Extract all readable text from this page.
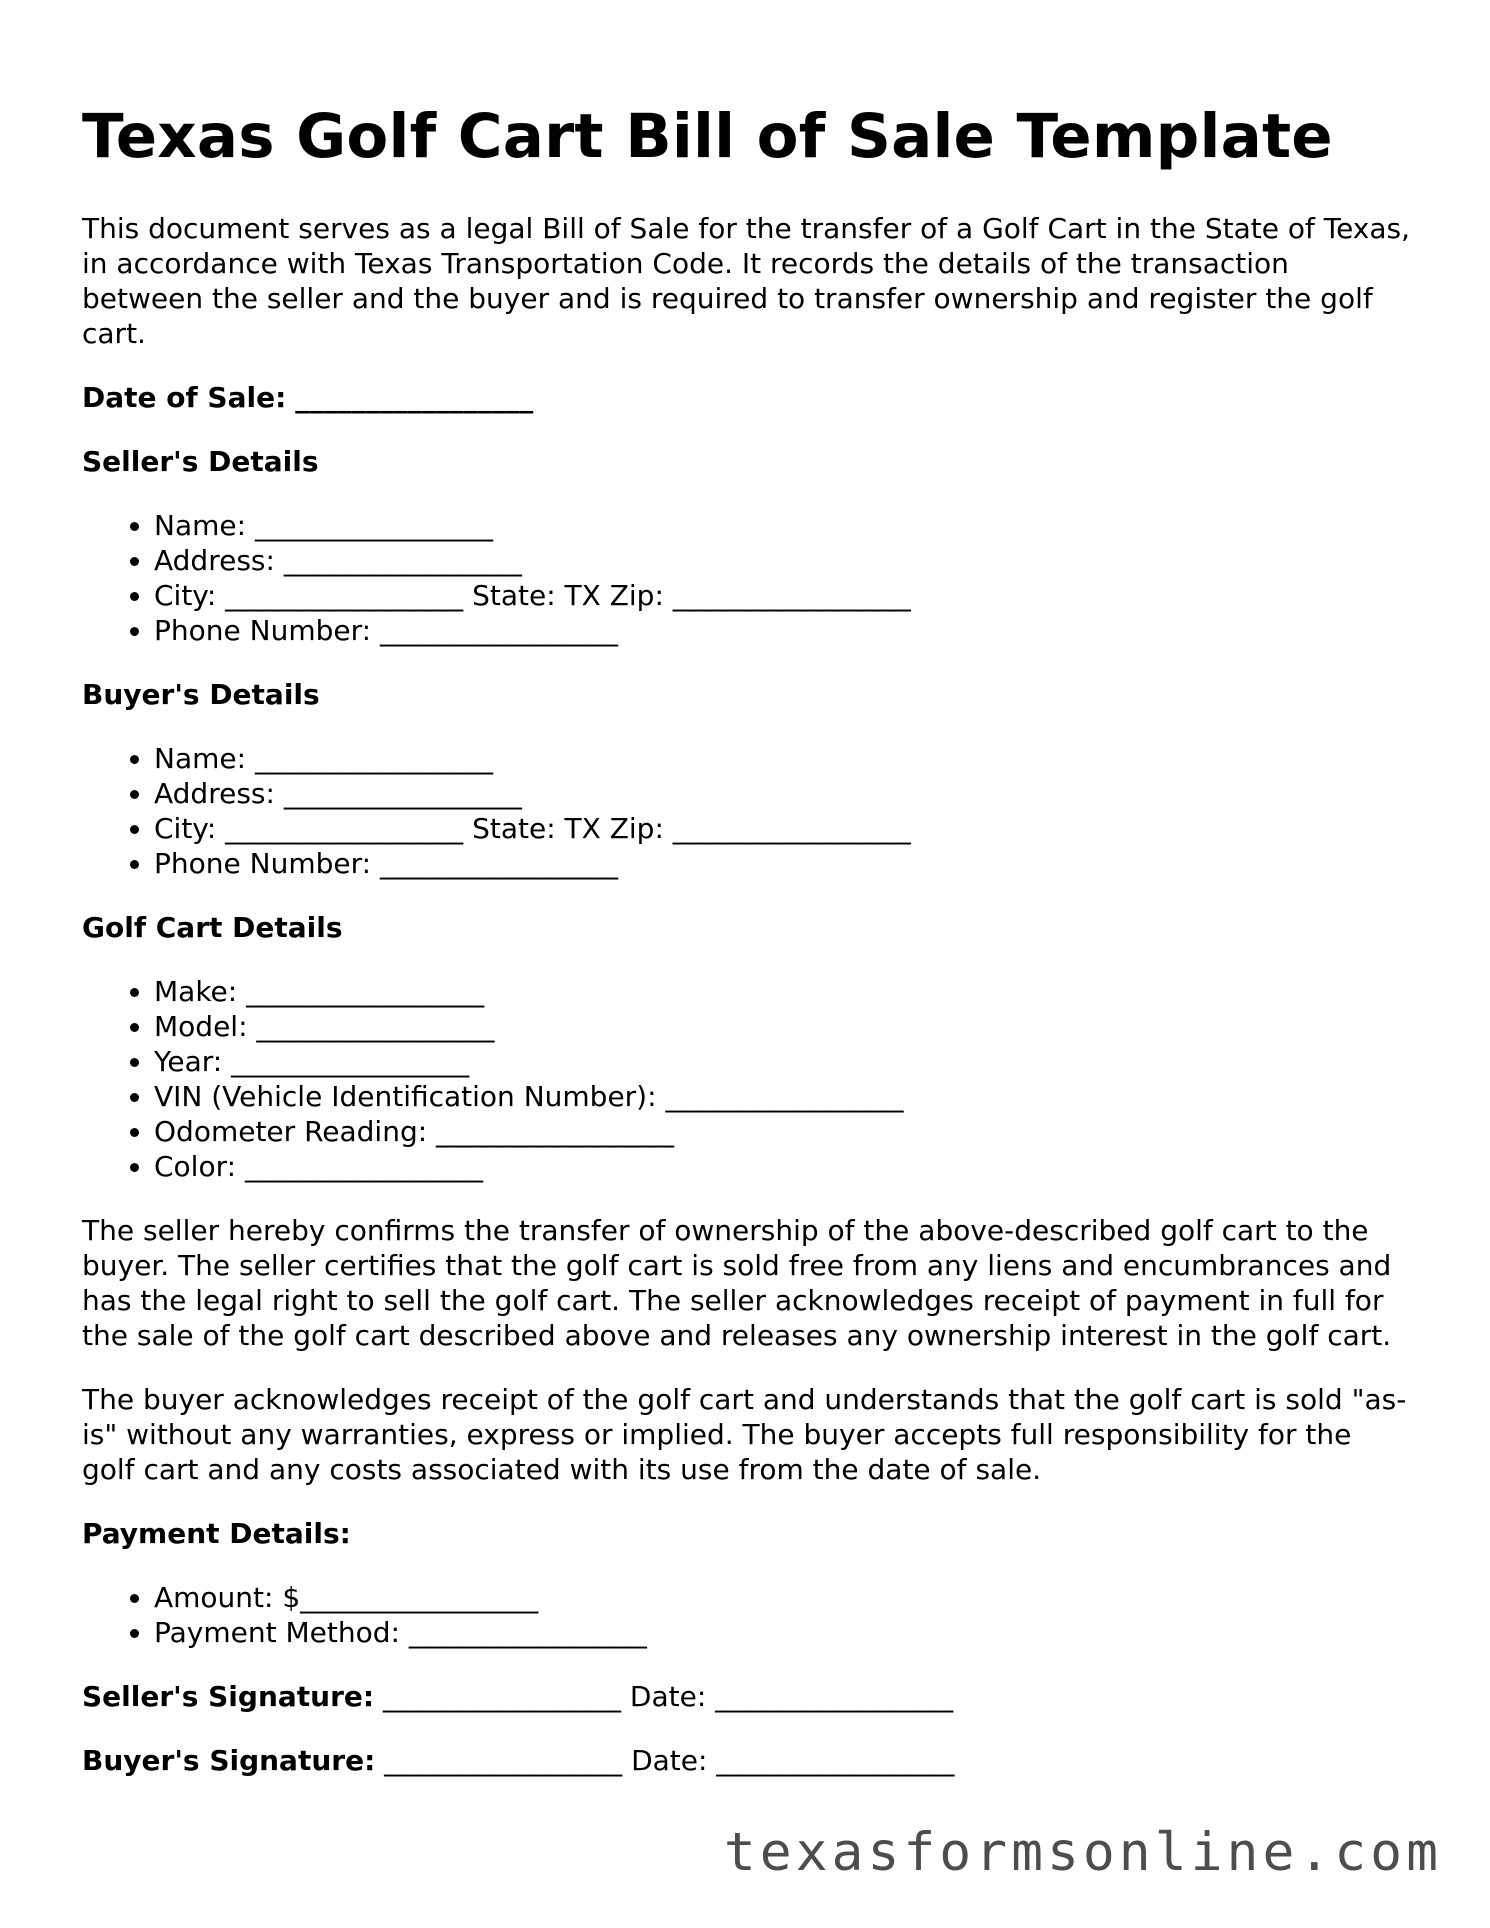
Texas Golf Cart Bill of Sale Template

This document serves as a legal Bill of Sale for the transfer of a Golf Cart in the State of Texas, in accordance with Texas Transportation Code. It records the details of the transaction between the seller and the buyer and is required to transfer ownership and register the golf cart.

Date of Sale: _________________
Seller's Details
• Name: _________________
• Address: _________________
• City: _________________ State: TX Zip: _________________
• Phone Number: _________________
Buyer's Details
• Name: _________________
• Address: _________________
• City: _________________ State: TX Zip: _________________
• Phone Number: _________________
Golf Cart Details
• Make: _________________
• Model: _________________
• Year: _________________
• VIN (Vehicle Identification Number): _________________
• Odometer Reading: _________________
• Color: _________________

The seller hereby confirms the transfer of ownership of the above-described golf cart to the buyer. The seller certifies that the golf cart is sold free from any liens and encumbrances and has the legal right to sell the golf cart. The seller acknowledges receipt of payment in full for the sale of the golf cart described above and releases any ownership interest in the golf cart.

The buyer acknowledges receipt of the golf cart and understands that the golf cart is sold "as-is" without any warranties, express or implied. The buyer accepts full responsibility for the golf cart and any costs associated with its use from the date of sale.

Payment Details:
• Amount: $_________________
• Payment Method: _________________
Seller's Signature: _________________ Date: _________________
Buyer's Signature: _________________ Date: _________________
texasformsonline.com
